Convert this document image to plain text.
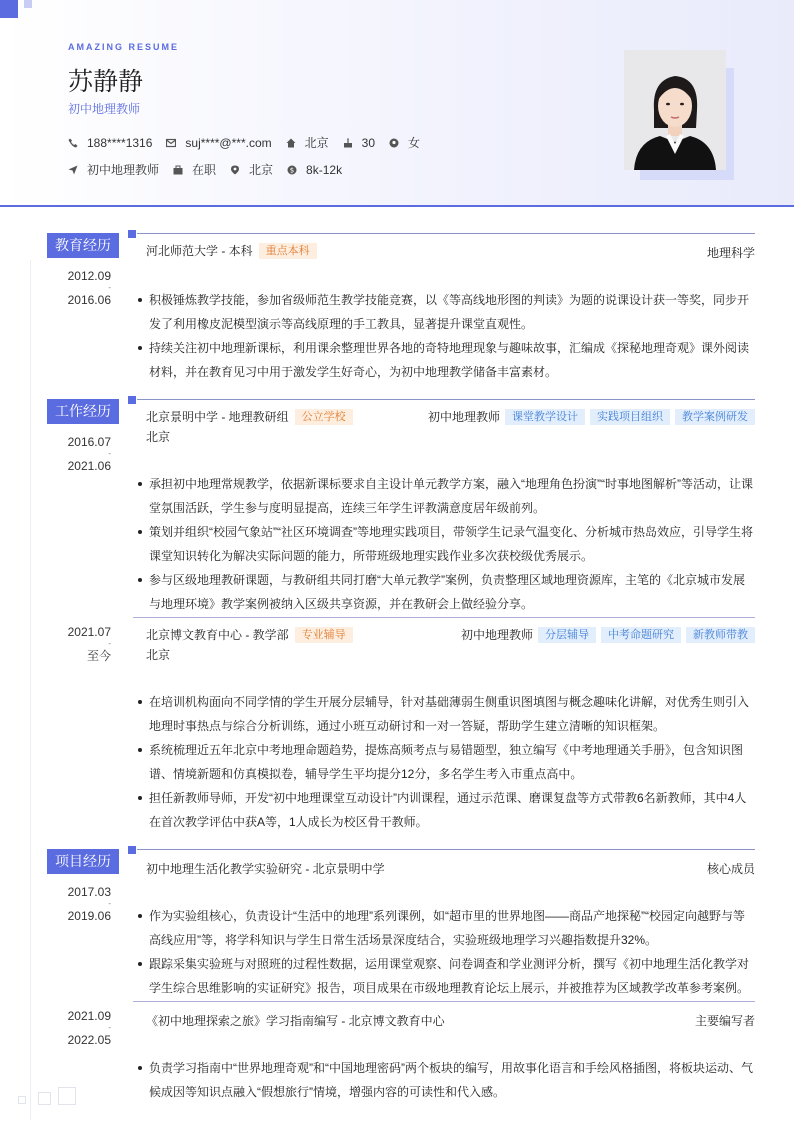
AMAZING RESUME
苏静静
初中地理教师
188****1316	suj****@***.com	北京	30	女
初中地理教师	在职	北京 $ 8k-12k
教育经历
2012.09
-
2016.06
河北师范大学 - 本科	重点本科	地理科学
积极锤炼教学技能，参加省级师范生教学技能竞赛，以《等高线地形图的判读》为题的说课设计获一等奖，同步开发了利用橡皮泥模型演示等高线原理的手工教具，显著提升课堂直观性。
持续关注初中地理新课标，利用课余整理世界各地的奇特地理现象与趣味故事，汇编成《探秘地理奇观》课外阅读材料，并在教育见习中用于激发学生好奇心，为初中地理教学储备丰富素材。
工作经历
2016.07
-
2021.06
北京景明中学 - 地理教研组	公立学校	初中地理教师	课堂教学设计	实践项目组织	教学案例研发
北京
承担初中地理常规教学，依据新课标要求自主设计单元教学方案，融入“地理角色扮演”“时事地图解析”等活动，让课堂氛围活跃，学生参与度明显提高，连续三年学生评教满意度居年级前列。
策划并组织“校园气象站”“社区环境调查”等地理实践项目，带领学生记录气温变化、分析城市热岛效应，引导学生将课堂知识转化为解决实际问题的能力，所带班级地理实践作业多次获校级优秀展示。
参与区级地理教研课题，与教研组共同打磨“大单元教学”案例，负责整理区域地理资源库，主笔的《北京城市发展与地理环境》教学案例被纳入区级共享资源，并在教研会上做经验分享。
2021.07
-
至今
北京博文教育中心 - 教学部	专业辅导	初中地理教师	分层辅导	中考命题研究	新教师带教
北京
在培训机构面向不同学情的学生开展分层辅导，针对基础薄弱生侧重识图填图与概念趣味化讲解，对优秀生则引入地理时事热点与综合分析训练，通过小班互动研讨和一对一答疑，帮助学生建立清晰的知识框架。
系统梳理近五年北京中考地理命题趋势，提炼高频考点与易错题型，独立编写《中考地理通关手册》，包含知识图谱、情境新题和仿真模拟卷，辅导学生平均提分12分，多名学生考入市重点高中。
担任新教师导师，开发“初中地理课堂互动设计”内训课程，通过示范课、磨课复盘等方式带教6名新教师，其中4人在首次教学评估中获A等，1人成长为校区骨干教师。
项目经历
2017.03
-
2019.06
初中地理生活化教学实验研究 - 北京景明中学	核心成员
作为实验组核心，负责设计“生活中的地理”系列课例，如“超市里的世界地图——商品产地探秘”“校园定向越野与等高线应用”等，将学科知识与学生日常生活场景深度结合，实验班级地理学习兴趣指数提升32%。
跟踪采集实验班与对照班的过程性数据，运用课堂观察、问卷调查和学业测评分析，撰写《初中地理生活化教学对学生综合思维影响的实证研究》报告，项目成果在市级地理教育论坛上展示，并被推荐为区域教学改革参考案例。
2021.09
-
2022.05
《初中地理探索之旅》学习指南编写 - 北京博文教育中心	主要编写者
负责学习指南中“世界地理奇观”和“中国地理密码”两个板块的编写，用故事化语言和手绘风格插图，将板块运动、气候成因等知识点融入“假想旅行”情境，增强内容的可读性和代入感。
